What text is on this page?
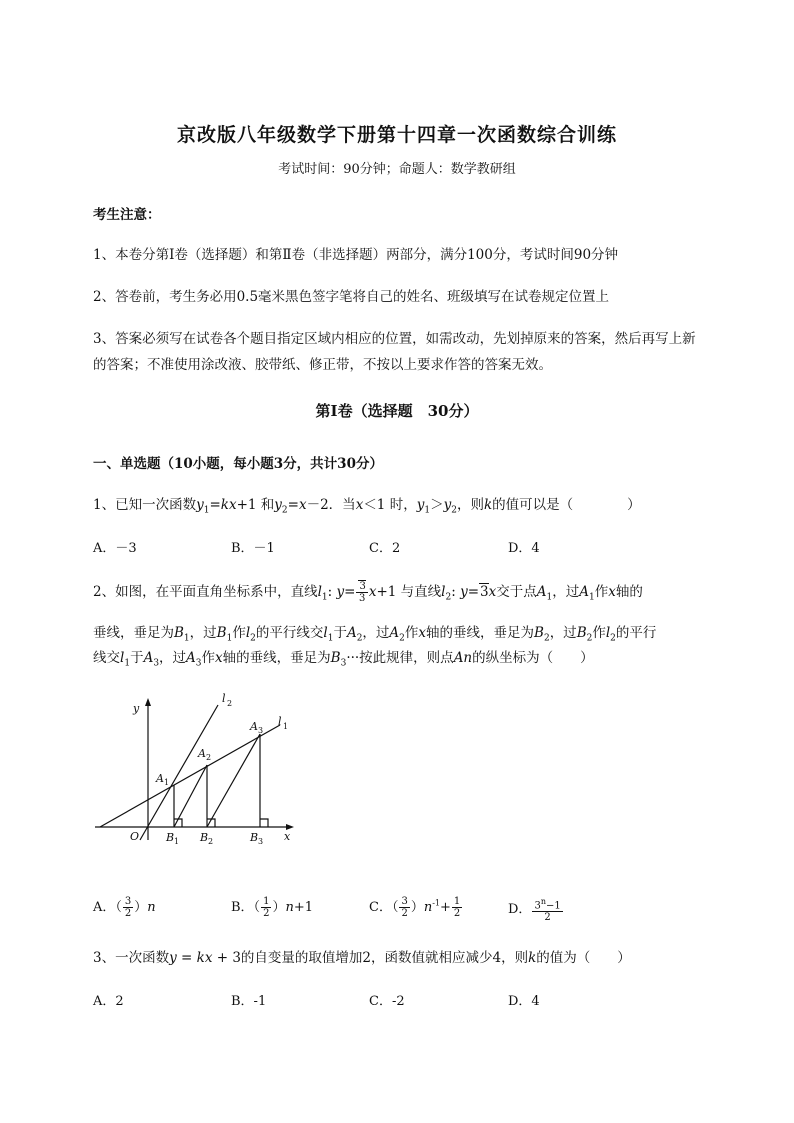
京改版八年级数学下册第十四章一次函数综合训练
考试时间：90分钟；命题人：数学教研组
考生注意：
1、本卷分第I卷（选择题）和第Ⅱ卷（非选择题）两部分，满分100分，考试时间90分钟
2、答卷前，考生务必用0.5毫米黑色签字笔将自己的姓名、班级填写在试卷规定位置上
3、答案必须写在试卷各个题目指定区域内相应的位置，如需改动，先划掉原来的答案，然后再写上新
的答案；不准使用涂改液、胶带纸、修正带，不按以上要求作答的答案无效。
第I卷（选择题　30分）
一、单选题（10小题，每小题3分，共计30分）
1、已知一次函数$y_1=kx+1$ 和$y_2=x-2$．当x＜1 时，$y_1>y_2$，则k的值可以是（　　　　）
A．－3	B．－1	C．2	D．4
2、如图，在平面直角坐标系中，直线$l_1$: $y= \frac{3}{3} x+1$ 与直线$l_2$: y=3x交于点$A_1$，过$A_1$作x轴的
垂线，垂足为$B_1$，过$B_1$作$l_2$的平行线交$l_1$于$A_2$，过$A_2$作x轴的垂线，垂足为$B_2$，过$B_2$作$l_2$的平行
线交$l_1$于$A_3$，过$A_3$作x轴的垂线，垂足为$B_3\cdot\cdot\cdot$按此规律，则点An的纵坐标为（　　）
y
x
O
l 2
l 1
A 1
A 2
A 3
B 1 B 2	B 3
A．（ $\frac{3}{2} )n$	B．（ $\frac{1}{2} )n+1$	C．（ $\frac{3}{2} )n^{-1}+ \frac{1}{2}$	D． $\frac{3^n-1}{2}$
3、一次函数y = kx + 3的自变量的取值增加2，函数值就相应减少4，则k的值为（　　）
A．2	B．-1	C．-2	D．4
